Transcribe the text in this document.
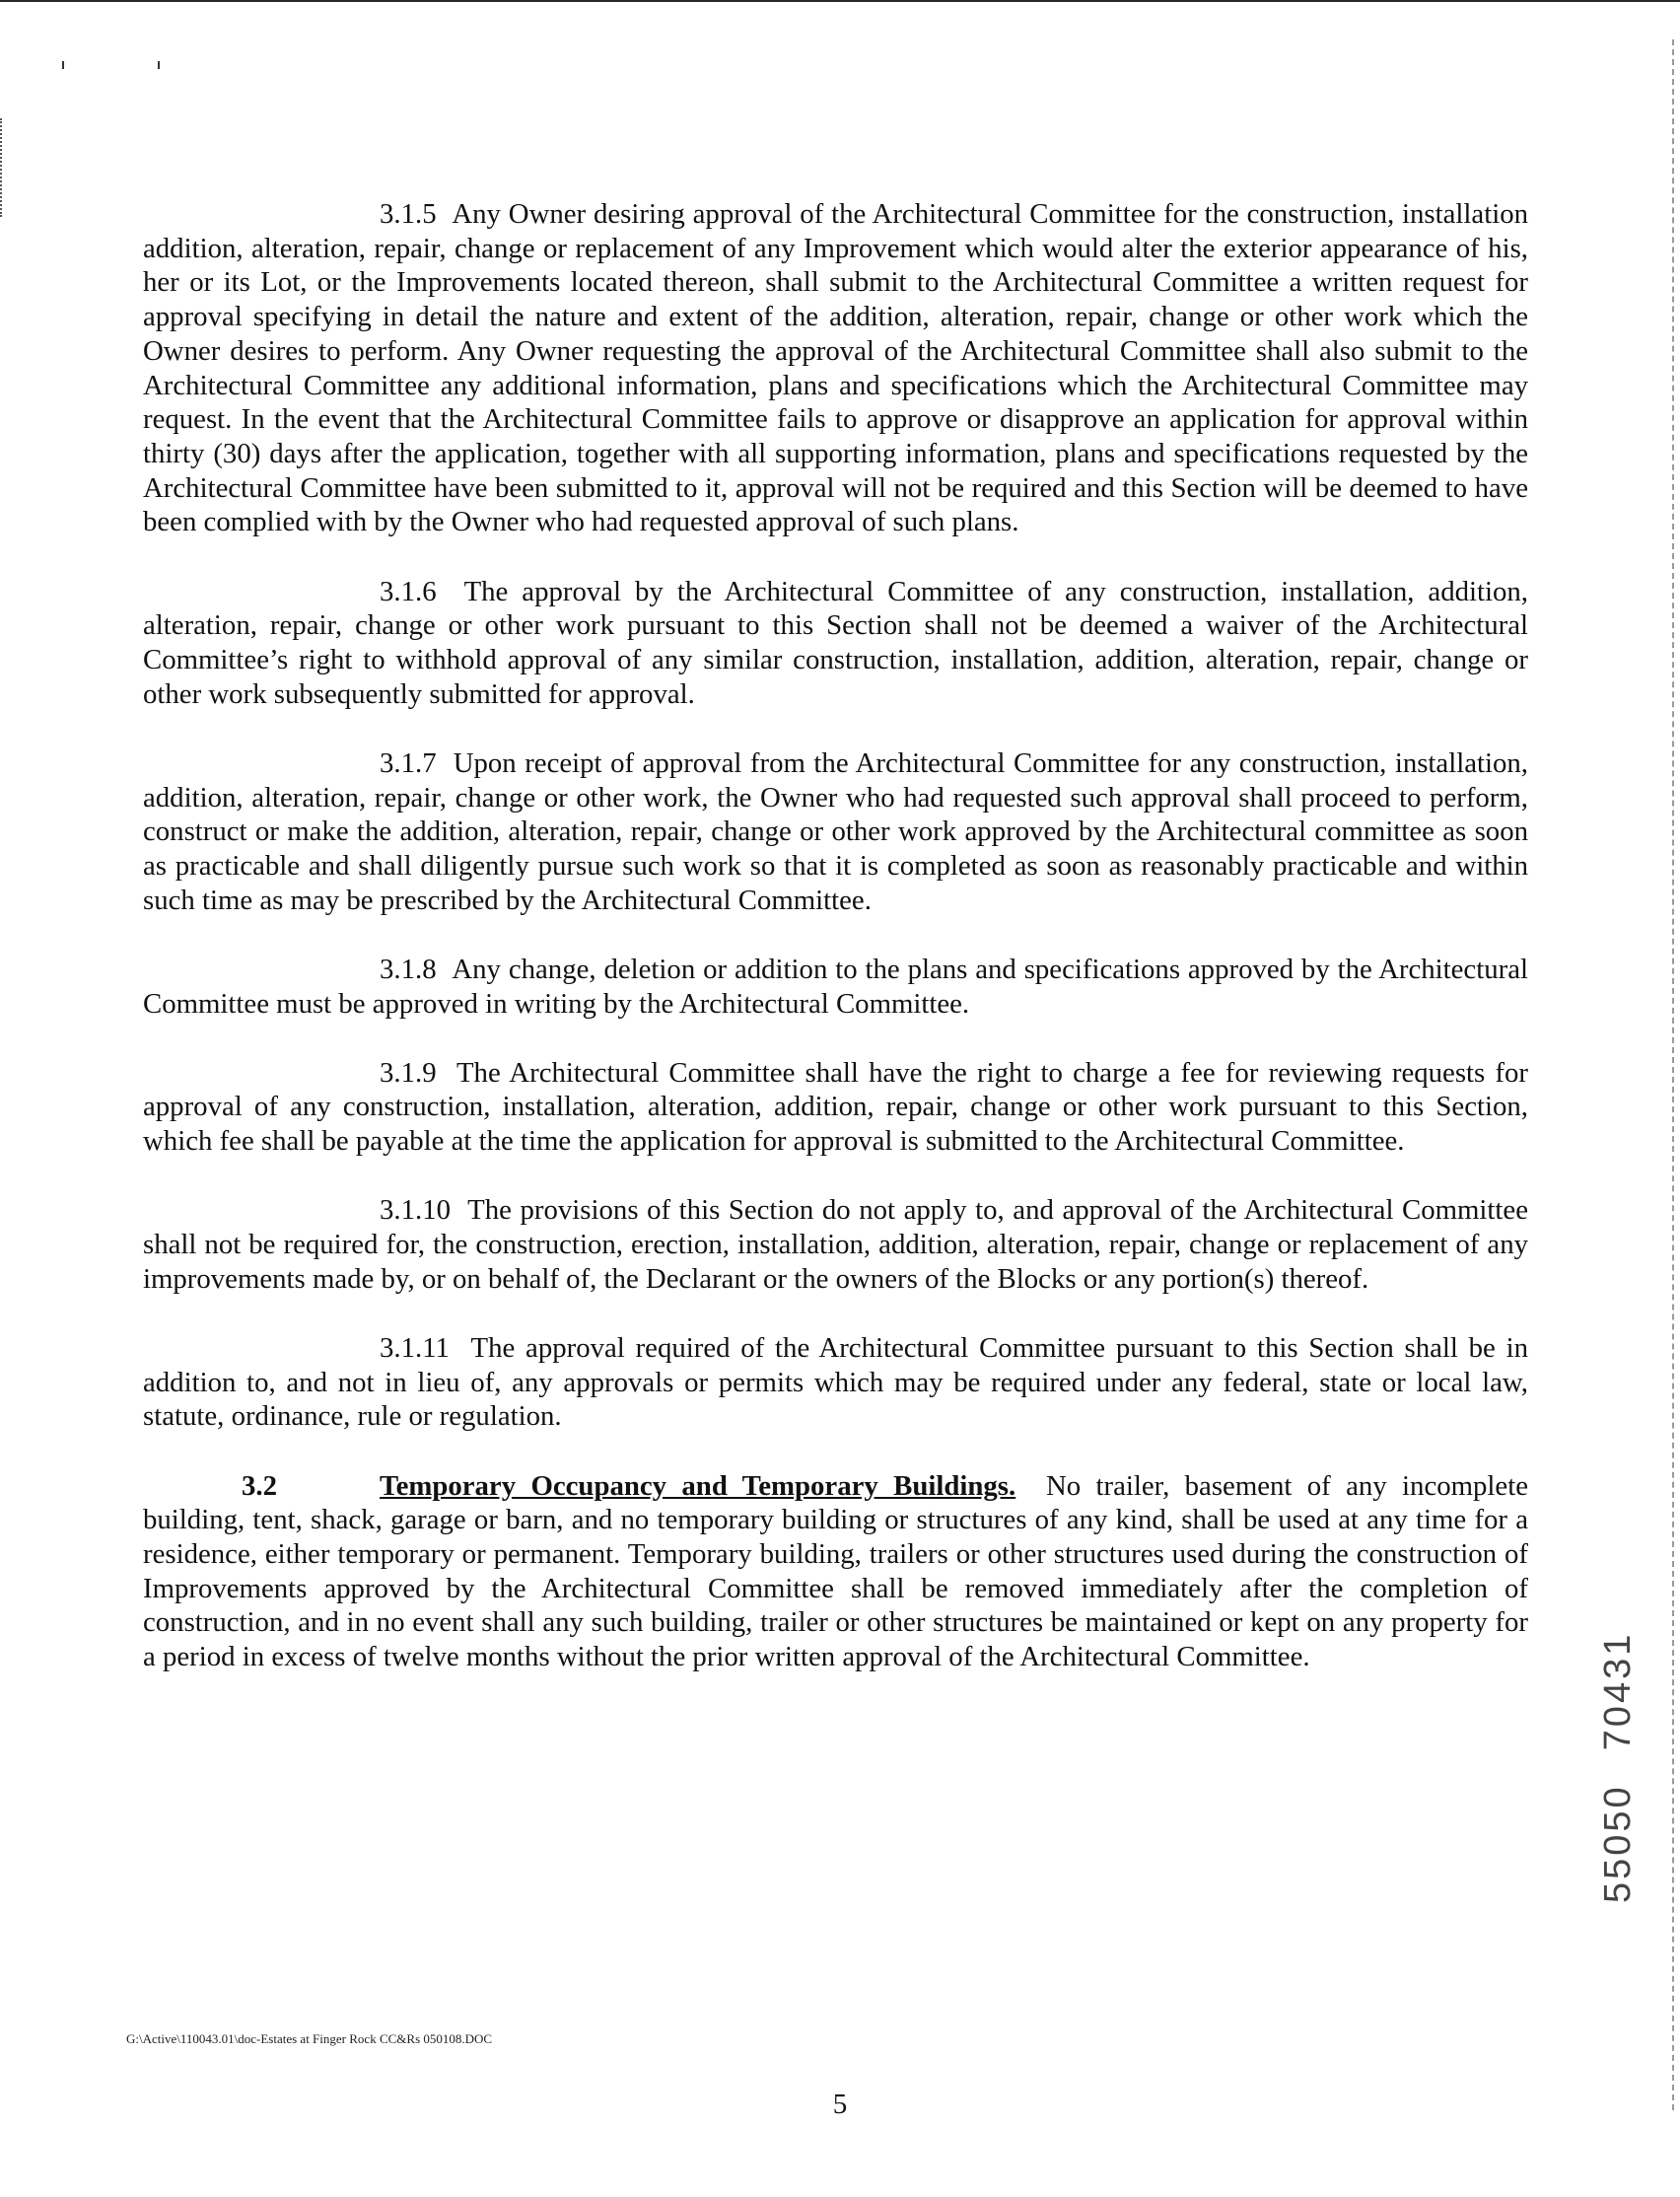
3.1.5 Any Owner desiring approval of the Architectural Committee for the construction, installation addition, alteration, repair, change or replacement of any Improvement which would alter the exterior appearance of his, her or its Lot, or the Improvements located thereon, shall submit to the Architectural Committee a written request for approval specifying in detail the nature and extent of the addition, alteration, repair, change or other work which the Owner desires to perform. Any Owner requesting the approval of the Architectural Committee shall also submit to the Architectural Committee any additional information, plans and specifications which the Architectural Committee may request. In the event that the Architectural Committee fails to approve or disapprove an application for approval within thirty (30) days after the application, together with all supporting information, plans and specifications requested by the Architectural Committee have been submitted to it, approval will not be required and this Section will be deemed to have been complied with by the Owner who had requested approval of such plans.

3.1.6 The approval by the Architectural Committee of any construction, installation, addition, alteration, repair, change or other work pursuant to this Section shall not be deemed a waiver of the Architectural Committee’s right to withhold approval of any similar construction, installation, addition, alteration, repair, change or other work subsequently submitted for approval.

3.1.7 Upon receipt of approval from the Architectural Committee for any construction, installation, addition, alteration, repair, change or other work, the Owner who had requested such approval shall proceed to perform, construct or make the addition, alteration, repair, change or other work approved by the Architectural committee as soon as practicable and shall diligently pursue such work so that it is completed as soon as reasonably practicable and within such time as may be prescribed by the Architectural Committee.

3.1.8 Any change, deletion or addition to the plans and specifications approved by the Architectural Committee must be approved in writing by the Architectural Committee.

3.1.9 The Architectural Committee shall have the right to charge a fee for reviewing requests for approval of any construction, installation, alteration, addition, repair, change or other work pursuant to this Section, which fee shall be payable at the time the application for approval is submitted to the Architectural Committee.

3.1.10 The provisions of this Section do not apply to, and approval of the Architectural Committee shall not be required for, the construction, erection, installation, addition, alteration, repair, change or replacement of any improvements made by, or on behalf of, the Declarant or the owners of the Blocks or any portion(s) thereof.

3.1.11 The approval required of the Architectural Committee pursuant to this Section shall be in addition to, and not in lieu of, any approvals or permits which may be required under any federal, state or local law, statute, ordinance, rule or regulation.

3.2	Temporary Occupancy and Temporary Buildings. No trailer, basement of any incomplete building, tent, shack, garage or barn, and no temporary building or structures of any kind, shall be used at any time for a residence, either temporary or permanent. Temporary building, trailers or other structures used during the construction of Improvements approved by the Architectural Committee shall be removed immediately after the completion of construction, and in no event shall any such building, trailer or other structures be maintained or kept on any property for a period in excess of twelve months without the prior written approval of the Architectural Committee.

G:\Active\110043.01\doc-Estates at Finger Rock CC&Rs 050108.DOC
5
5505070431
